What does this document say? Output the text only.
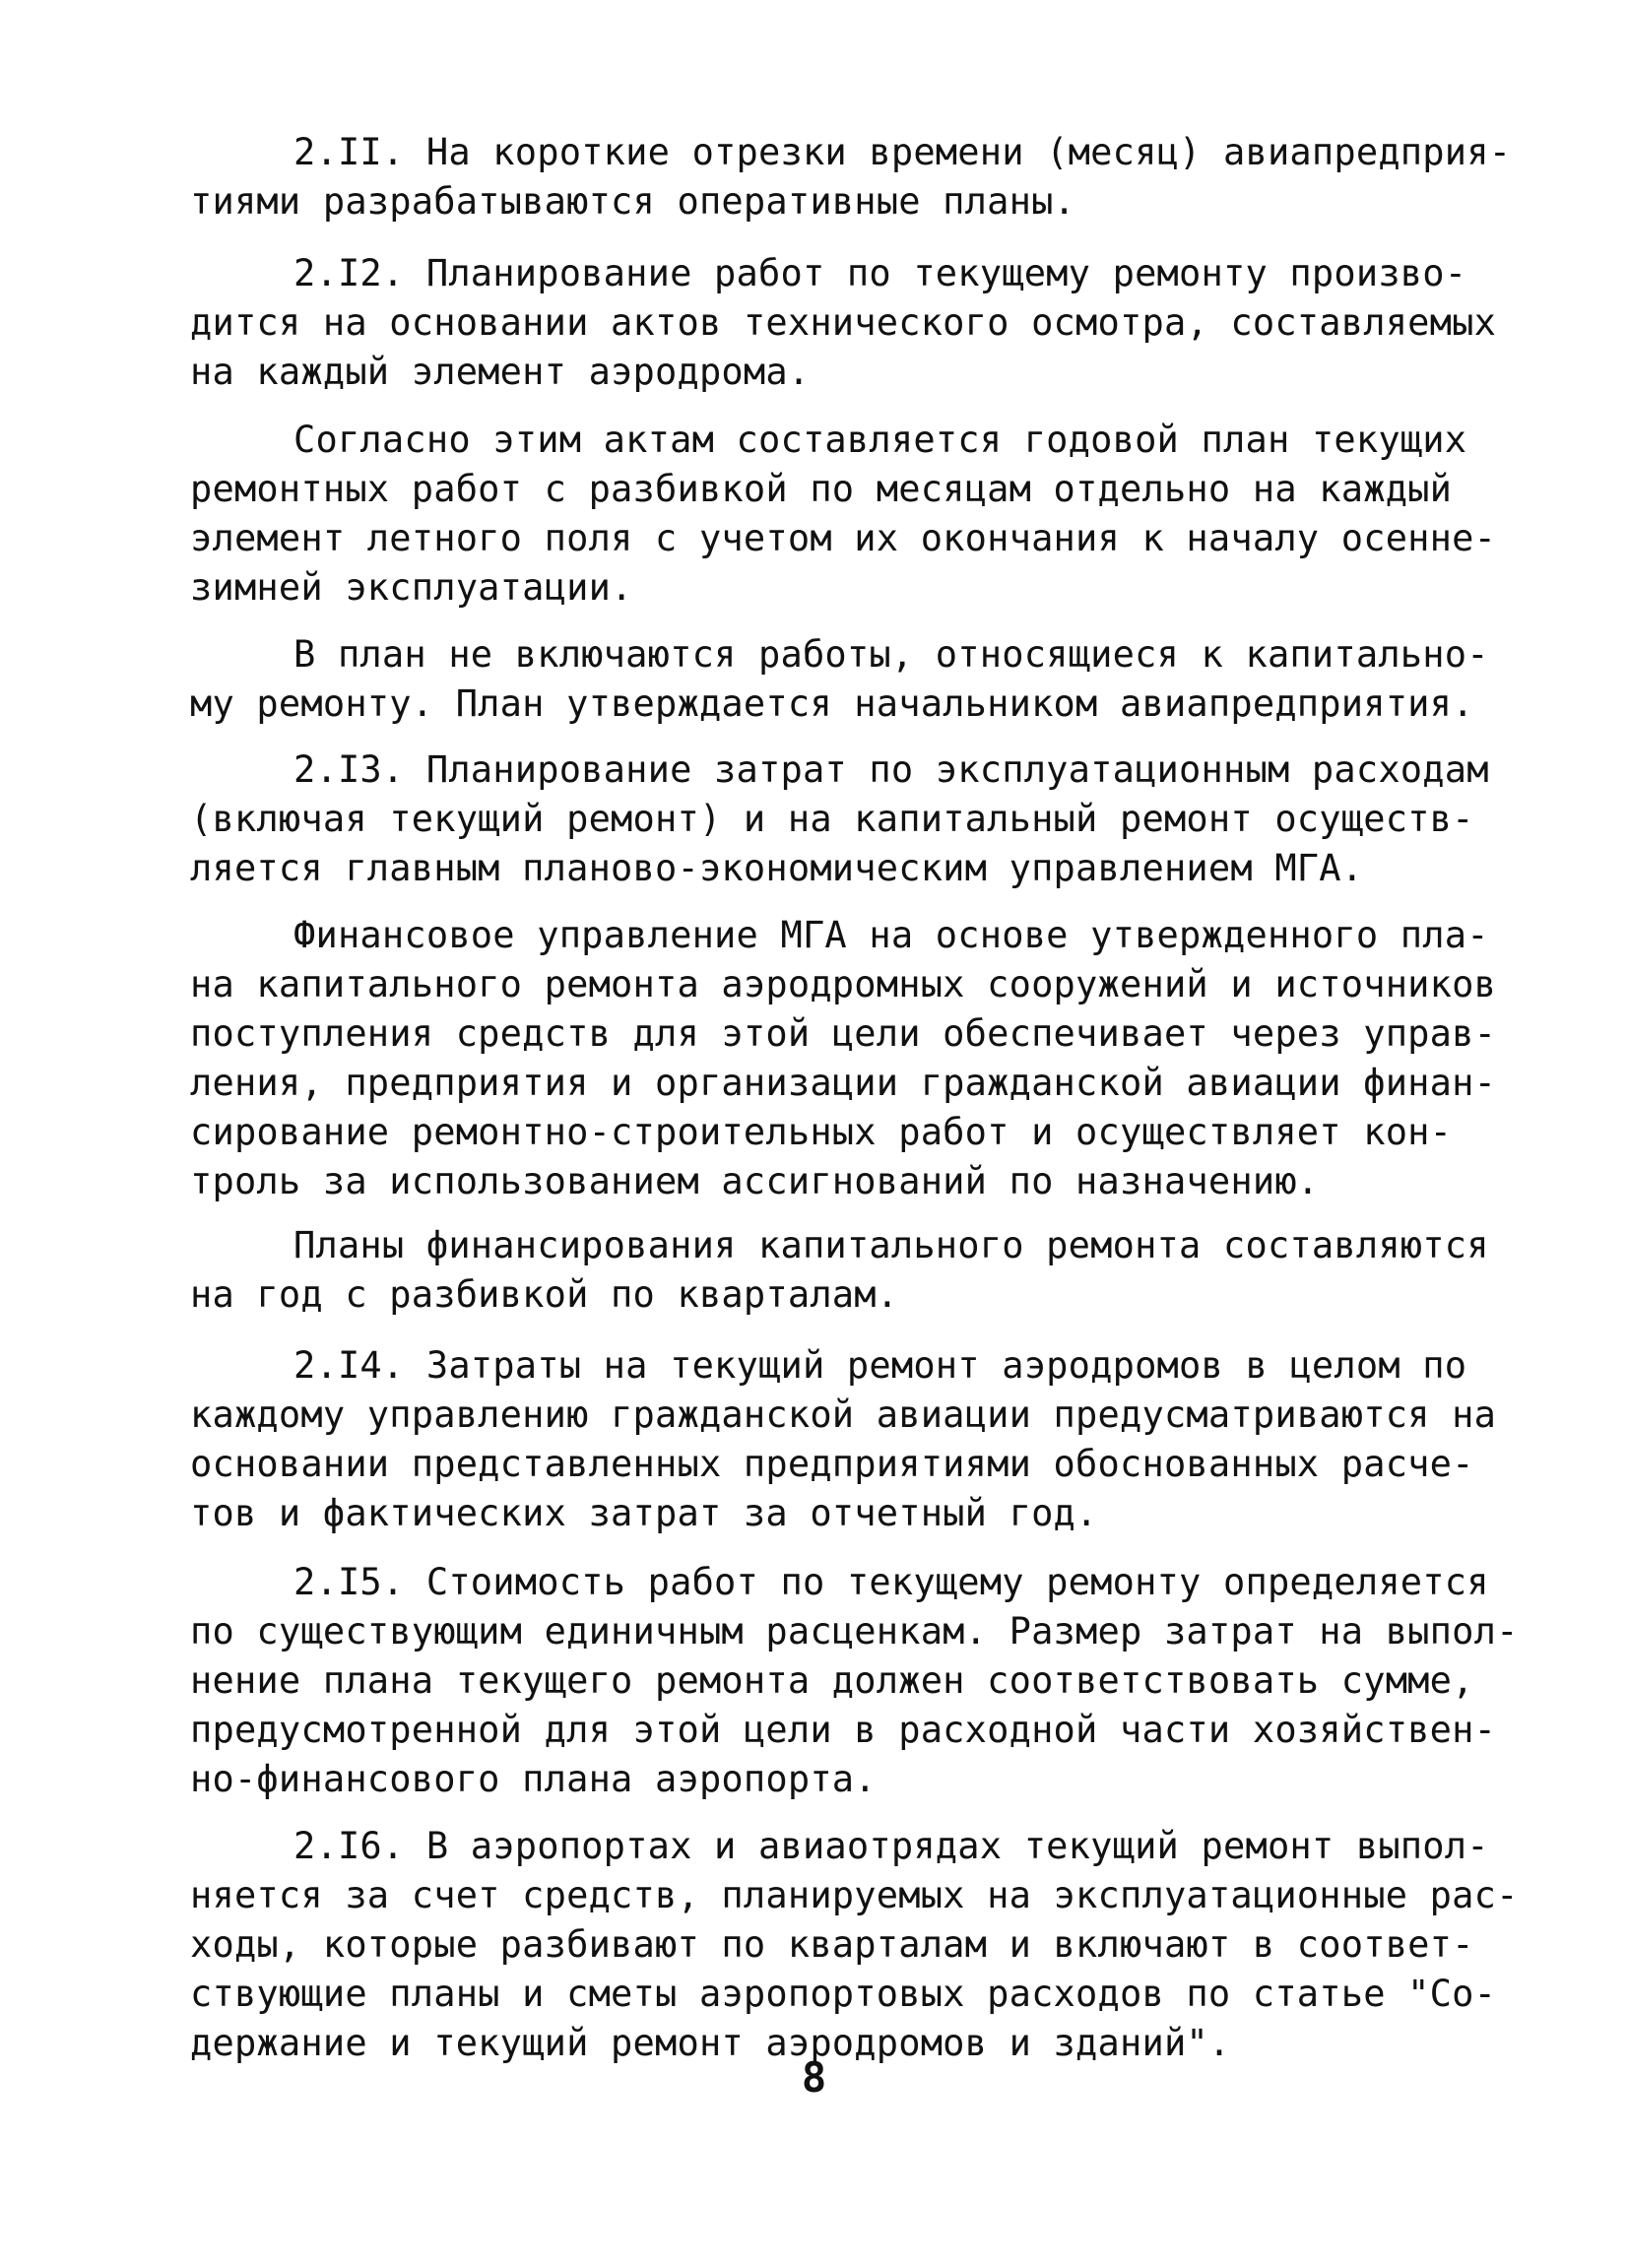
2.II. На короткие отрезки времени (месяц) авиапредприя-
тиями разрабатываются оперативные планы.
2.I2. Планирование работ по текущему ремонту произво-
дится на основании актов технического осмотра, составляемых
на каждый элемент аэродрома.
Согласно этим актам составляется годовой план текущих
ремонтных работ с разбивкой по месяцам отдельно на каждый
элемент летного поля с учетом их окончания к началу осенне-
зимней эксплуатации.
В план не включаются работы, относящиеся к капитально-
му ремонту. План утверждается начальником авиапредприятия.
2.I3. Планирование затрат по эксплуатационным расходам
(включая текущий ремонт) и на капитальный ремонт осуществ-
ляется главным планово-экономическим управлением МГА.
Финансовое управление МГА на основе утвержденного пла-
на капитального ремонта аэродромных сооружений и источников
поступления средств для этой цели обеспечивает через управ-
ления, предприятия и организации гражданской авиации финан-
сирование ремонтно-строительных работ и осуществляет кон-
троль за использованием ассигнований по назначению.
Планы финансирования капитального ремонта составляются
на год с разбивкой по кварталам.
2.I4. Затраты на текущий ремонт аэродромов в целом по
каждому управлению гражданской авиации предусматриваются на
основании представленных предприятиями обоснованных расче-
тов и фактических затрат за отчетный год.
2.I5. Стоимость работ по текущему ремонту определяется
по существующим единичным расценкам. Размер затрат на выпол-
нение плана текущего ремонта должен соответствовать сумме,
предусмотренной для этой цели в расходной части хозяйствен-
но-финансового плана аэропорта.
2.I6. В аэропортах и авиаотрядах текущий ремонт выпол-
няется за счет средств, планируемых на эксплуатационные рас-
ходы, которые разбивают по кварталам и включают в соответ-
ствующие планы и сметы аэропортовых расходов по статье "Со-
держание и текущий ремонт аэродромов и зданий".
8
